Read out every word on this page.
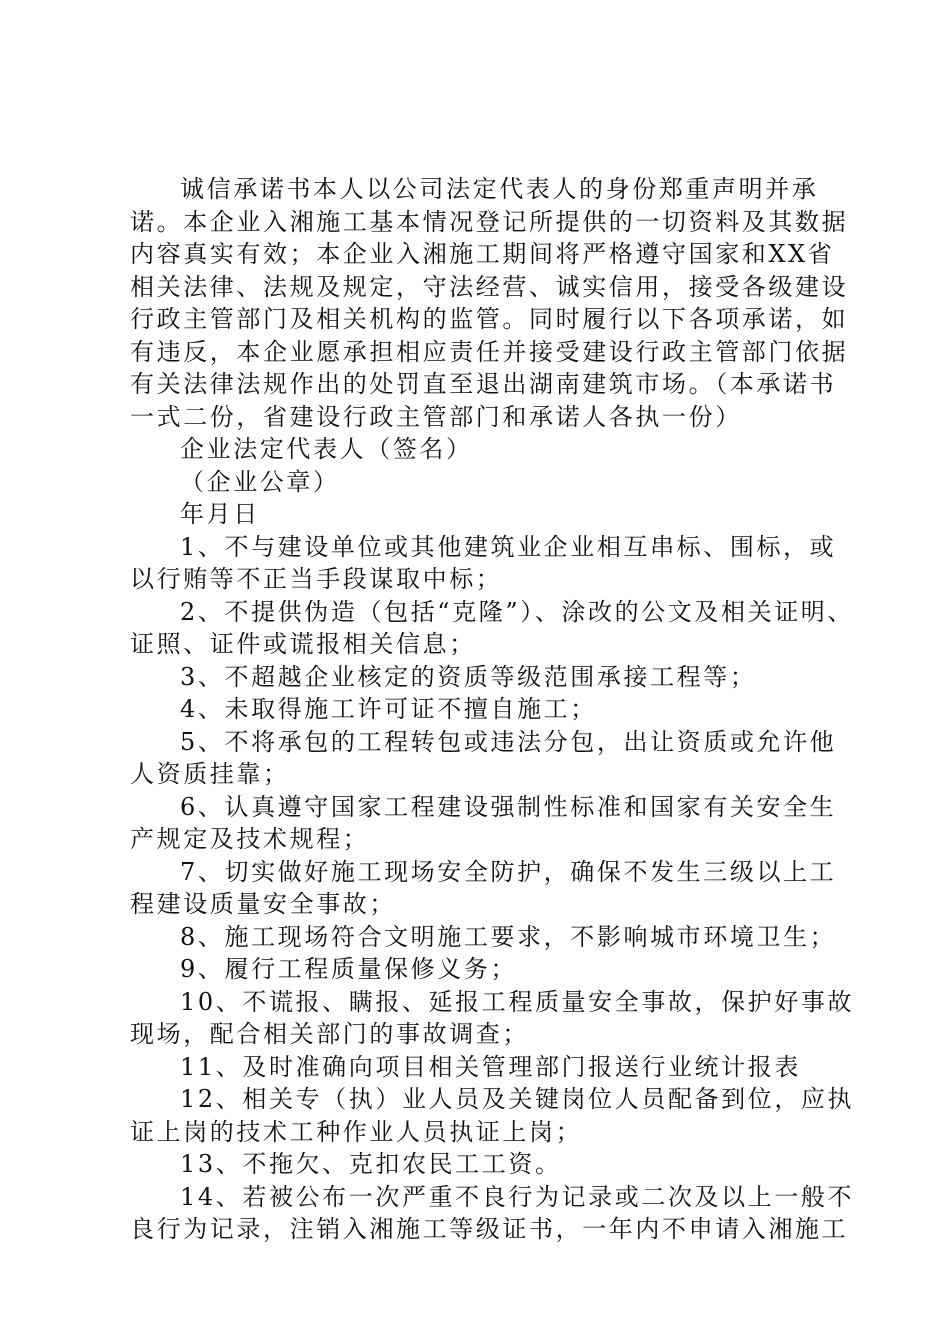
诚信承诺书本人以公司法定代表人的身份郑重声明并承诺。本企业入湘施工基本情况登记所提供的一切资料及其数据内容真实有效；本企业入湘施工期间将严格遵守国家和XX省相关法律、法规及规定，守法经营、诚实信用，接受各级建设行政主管部门及相关机构的监管。同时履行以下各项承诺，如有违反，本企业愿承担相应责任并接受建设行政主管部门依据有关法律法规作出的处罚直至退出湖南建筑市场。（本承诺书一式二份，省建设行政主管部门和承诺人各执一份）

企业法定代表人（签名）

（企业公章）

年月日

1、不与建设单位或其他建筑业企业相互串标、围标，或以行贿等不正当手段谋取中标；

2、不提供伪造（包括“克隆”）、涂改的公文及相关证明、证照、证件或谎报相关信息；

3、不超越企业核定的资质等级范围承接工程等；

4、未取得施工许可证不擅自施工；

5、不将承包的工程转包或违法分包，出让资质或允许他人资质挂靠；

6、认真遵守国家工程建设强制性标准和国家有关安全生产规定及技术规程；

7、切实做好施工现场安全防护，确保不发生三级以上工程建设质量安全事故；

8、施工现场符合文明施工要求，不影响城市环境卫生；

9、履行工程质量保修义务；

10、不谎报、瞒报、延报工程质量安全事故，保护好事故现场，配合相关部门的事故调查；

11、及时准确向项目相关管理部门报送行业统计报表

12、相关专（执）业人员及关键岗位人员配备到位，应执证上岗的技术工种作业人员执证上岗；

13、不拖欠、克扣农民工工资。

14、若被公布一次严重不良行为记录或二次及以上一般不良行为记录，注销入湘施工等级证书，一年内不申请入湘施工
